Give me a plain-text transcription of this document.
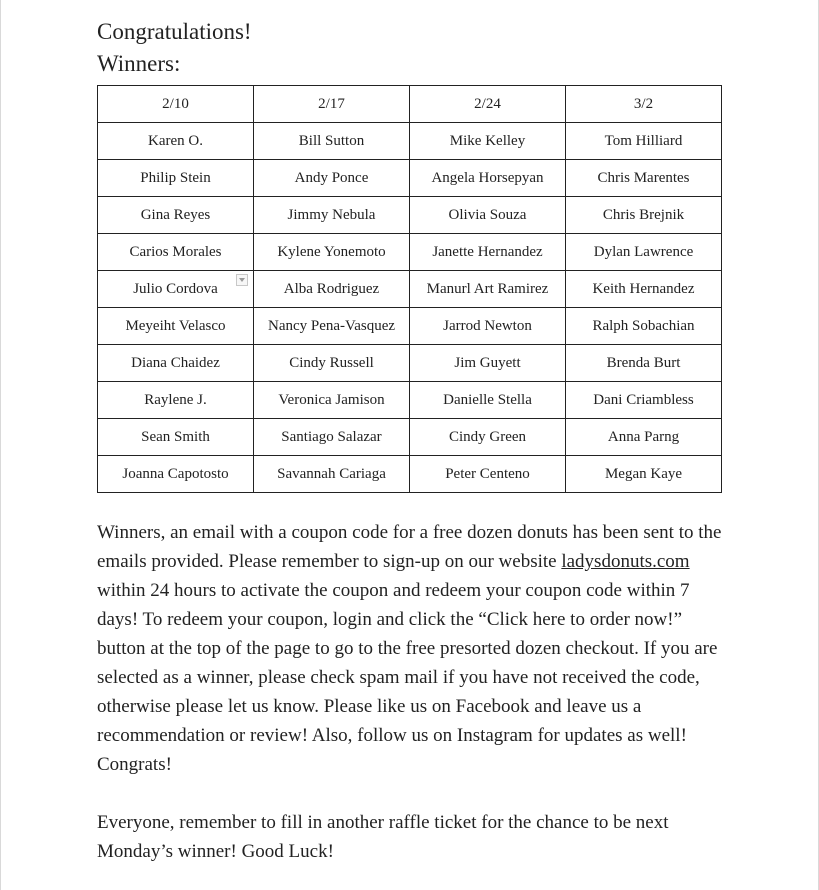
Congratulations!
Winners:
2/10	2/17	2/24	3/2
Karen O.	Bill Sutton	Mike Kelley	Tom Hilliard
Philip Stein	Andy Ponce	Angela Horsepyan	Chris Marentes
Gina Reyes	Jimmy Nebula	Olivia Souza	Chris Brejnik
Carios Morales	Kylene Yonemoto	Janette Hernandez	Dylan Lawrence
Julio Cordova	Alba Rodriguez	Manurl Art Ramirez	Keith Hernandez
Meyeiht Velasco	Nancy Pena-Vasquez	Jarrod Newton	Ralph Sobachian
Diana Chaidez	Cindy Russell	Jim Guyett	Brenda Burt
Raylene J.	Veronica Jamison	Danielle Stella	Dani Criambless
Sean Smith	Santiago Salazar	Cindy Green	Anna Parng
Joanna Capotosto	Savannah Cariaga	Peter Centeno	Megan Kaye

Winners, an email with a coupon code for a free dozen donuts has been sent to the emails provided. Please remember to sign-up on our website ladysdonuts.com within 24 hours to activate the coupon and redeem your coupon code within 7 days! To redeem your coupon, login and click the “Click here to order now!” button at the top of the page to go to the free presorted dozen checkout. If you are selected as a winner, please check spam mail if you have not received the code, otherwise please let us know. Please like us on Facebook and leave us a recommendation or review! Also, follow us on Instagram for updates as well! Congrats!

Everyone, remember to fill in another raffle ticket for the chance to be next Monday’s winner! Good Luck!
